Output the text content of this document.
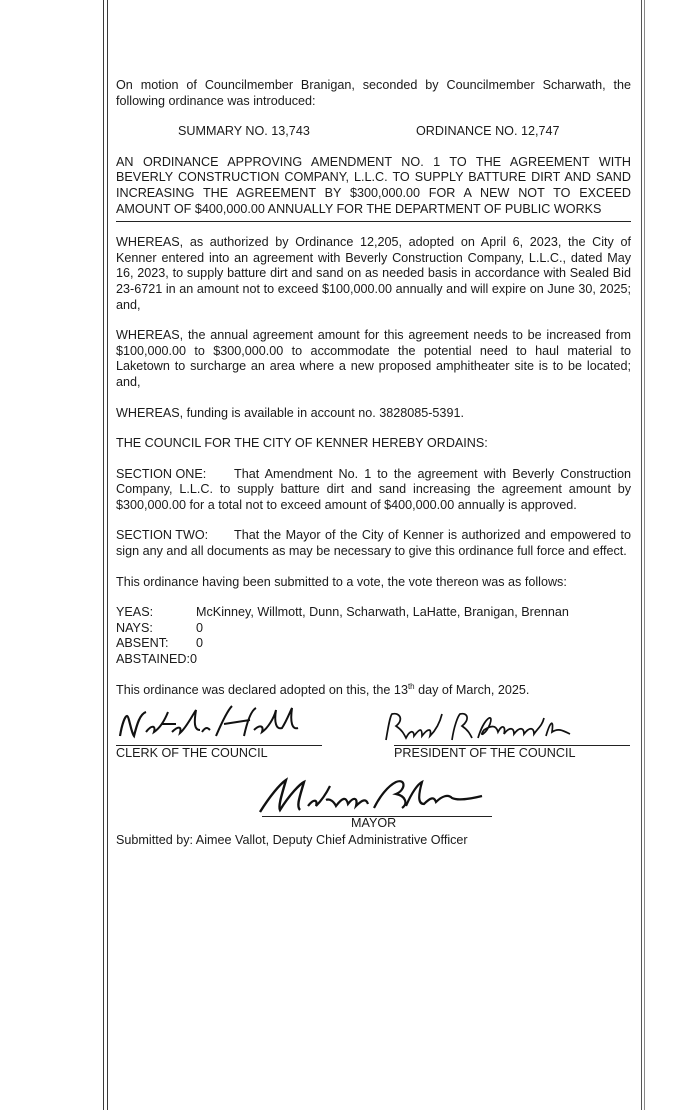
On motion of Councilmember Branigan, seconded by Councilmember Scharwath, the following ordinance was introduced:

SUMMARY NO. 13,743	ORDINANCE NO. 12,747

AN ORDINANCE APPROVING AMENDMENT NO. 1 TO THE AGREEMENT WITH BEVERLY CONSTRUCTION COMPANY, L.L.C. TO SUPPLY BATTURE DIRT AND SAND INCREASING THE AGREEMENT BY $300,000.00 FOR A NEW NOT TO EXCEED AMOUNT OF $400,000.00 ANNUALLY FOR THE DEPARTMENT OF PUBLIC WORKS

WHEREAS, as authorized by Ordinance 12,205, adopted on April 6, 2023, the City of Kenner entered into an agreement with Beverly Construction Company, L.L.C., dated May 16, 2023, to supply batture dirt and sand on as needed basis in accordance with Sealed Bid 23-6721 in an amount not to exceed $100,000.00 annually and will expire on June 30, 2025; and,

WHEREAS, the annual agreement amount for this agreement needs to be increased from $100,000.00 to $300,000.00 to accommodate the potential need to haul material to Laketown to surcharge an area where a new proposed amphitheater site is to be located; and,

WHEREAS, funding is available in account no. 3828085-5391.

THE COUNCIL FOR THE CITY OF KENNER HEREBY ORDAINS:

SECTION ONE: That Amendment No. 1 to the agreement with Beverly Construction Company, L.L.C. to supply batture dirt and sand increasing the agreement amount by $300,000.00 for a total not to exceed amount of $400,000.00 annually is approved.

SECTION TWO: That the Mayor of the City of Kenner is authorized and empowered to sign any and all documents as may be necessary to give this ordinance full force and effect.

This ordinance having been submitted to a vote, the vote thereon was as follows:

YEAS:	McKinney, Willmott, Dunn, Scharwath, LaHatte, Branigan, Brennan
NAYS:	0
ABSENT:	0
ABSTAINED: 0

This ordinance was declared adopted on this, the 13th day of March, 2025.

CLERK OF THE COUNCIL	PRESIDENT OF THE COUNCIL
MAYOR

Submitted by: Aimee Vallot, Deputy Chief Administrative Officer
